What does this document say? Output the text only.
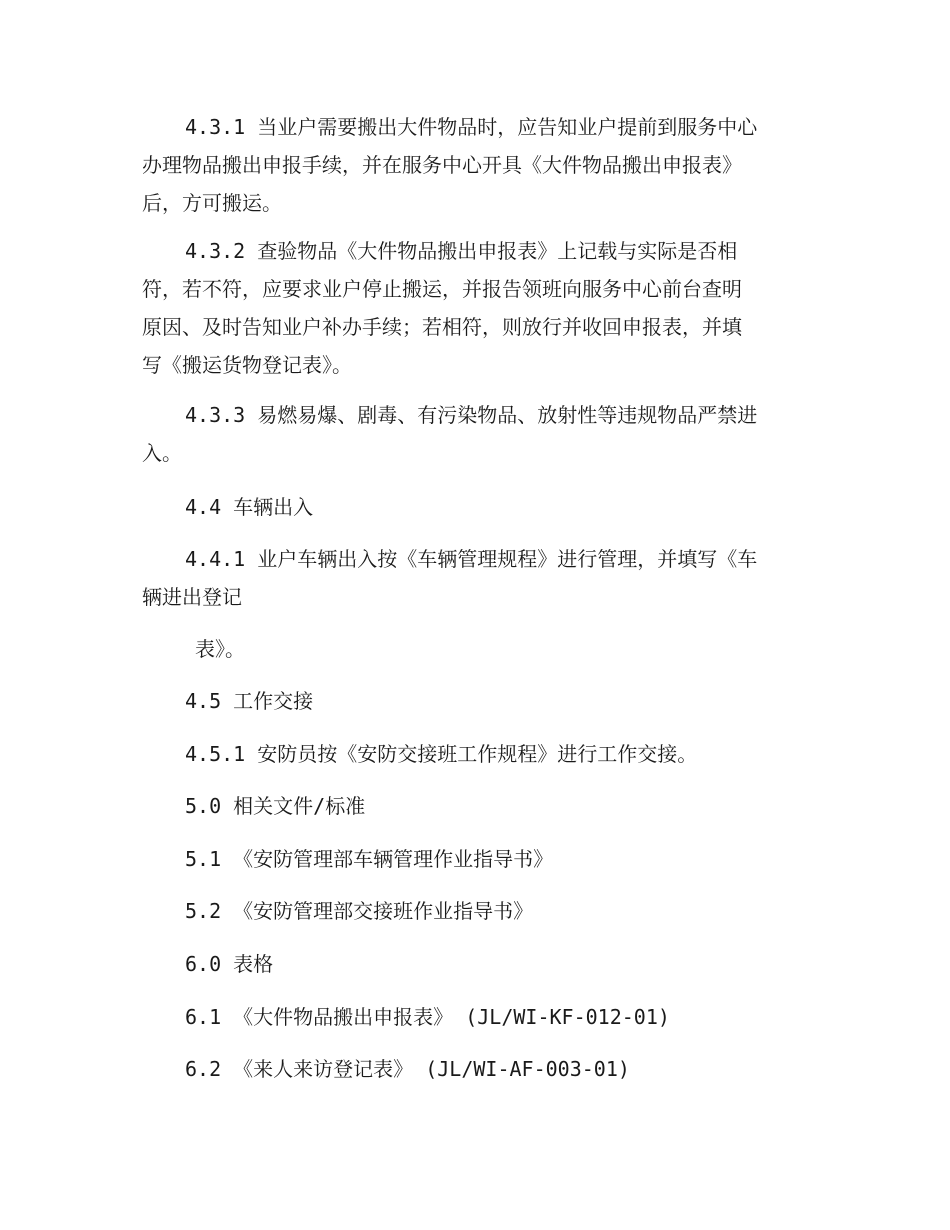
4.3.1 当业户需要搬出大件物品时，应告知业户提前到服务中心
办理物品搬出申报手续，并在服务中心开具《大件物品搬出申报表》
后，方可搬运。
4.3.2 查验物品《大件物品搬出申报表》上记载与实际是否相
符，若不符，应要求业户停止搬运，并报告领班向服务中心前台查明
原因、及时告知业户补办手续；若相符，则放行并收回申报表，并填
写《搬运货物登记表》。
4.3.3 易燃易爆、剧毒、有污染物品、放射性等违规物品严禁进
入。
4.4 车辆出入
4.4.1 业户车辆出入按《车辆管理规程》进行管理，并填写《车
辆进出登记
表》。
4.5 工作交接
4.5.1 安防员按《安防交接班工作规程》进行工作交接。
5.0 相关文件/标准
5.1 《安防管理部车辆管理作业指导书》
5.2 《安防管理部交接班作业指导书》
6.0 表格
6.1 《大件物品搬出申报表》 (JL/WI-KF-012-01)
6.2 《来人来访登记表》 (JL/WI-AF-003-01)
